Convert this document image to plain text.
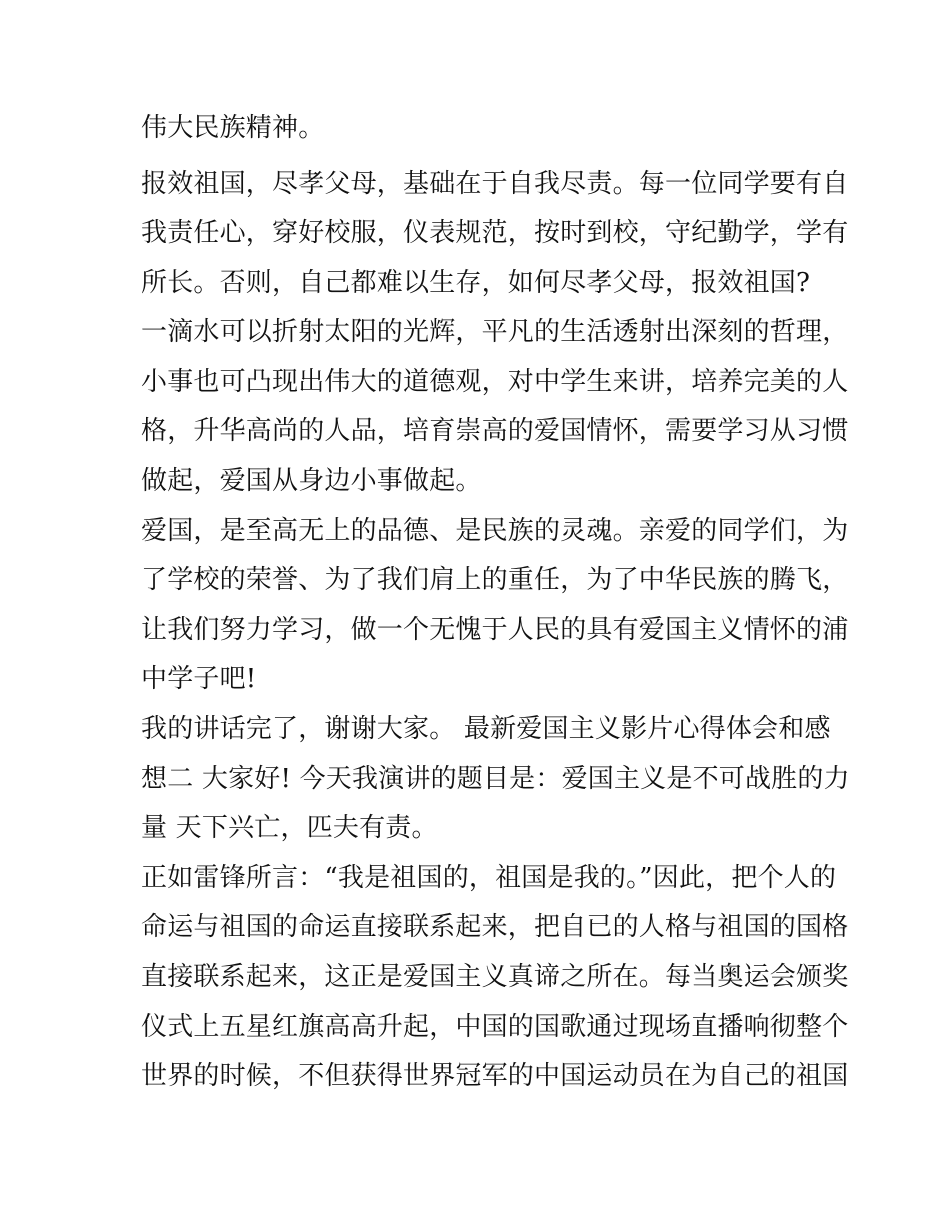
伟大民族精神。
报效祖国，尽孝父母，基础在于自我尽责。每一位同学要有自
我责任心，穿好校服，仪表规范，按时到校，守纪勤学，学有
所长。否则，自己都难以生存，如何尽孝父母，报效祖国?
一滴水可以折射太阳的光辉，平凡的生活透射出深刻的哲理，
小事也可凸现出伟大的道德观，对中学生来讲，培养完美的人
格，升华高尚的人品，培育崇高的爱国情怀，需要学习从习惯
做起，爱国从身边小事做起。
爱国，是至高无上的品德、是民族的灵魂。亲爱的同学们，为
了学校的荣誉、为了我们肩上的重任，为了中华民族的腾飞，
让我们努力学习，做一个无愧于人民的具有爱国主义情怀的浦
中学子吧!
我的讲话完了，谢谢大家。 最新爱国主义影片心得体会和感
想二 大家好! 今天我演讲的题目是：爱国主义是不可战胜的力
量 天下兴亡，匹夫有责。
正如雷锋所言：“我是祖国的，祖国是我的。”因此，把个人的
命运与祖国的命运直接联系起来，把自已的人格与祖国的国格
直接联系起来，这正是爱国主义真谛之所在。每当奥运会颁奖
仪式上五星红旗高高升起，中国的国歌通过现场直播响彻整个
世界的时候，不但获得世界冠军的中国运动员在为自己的祖国
